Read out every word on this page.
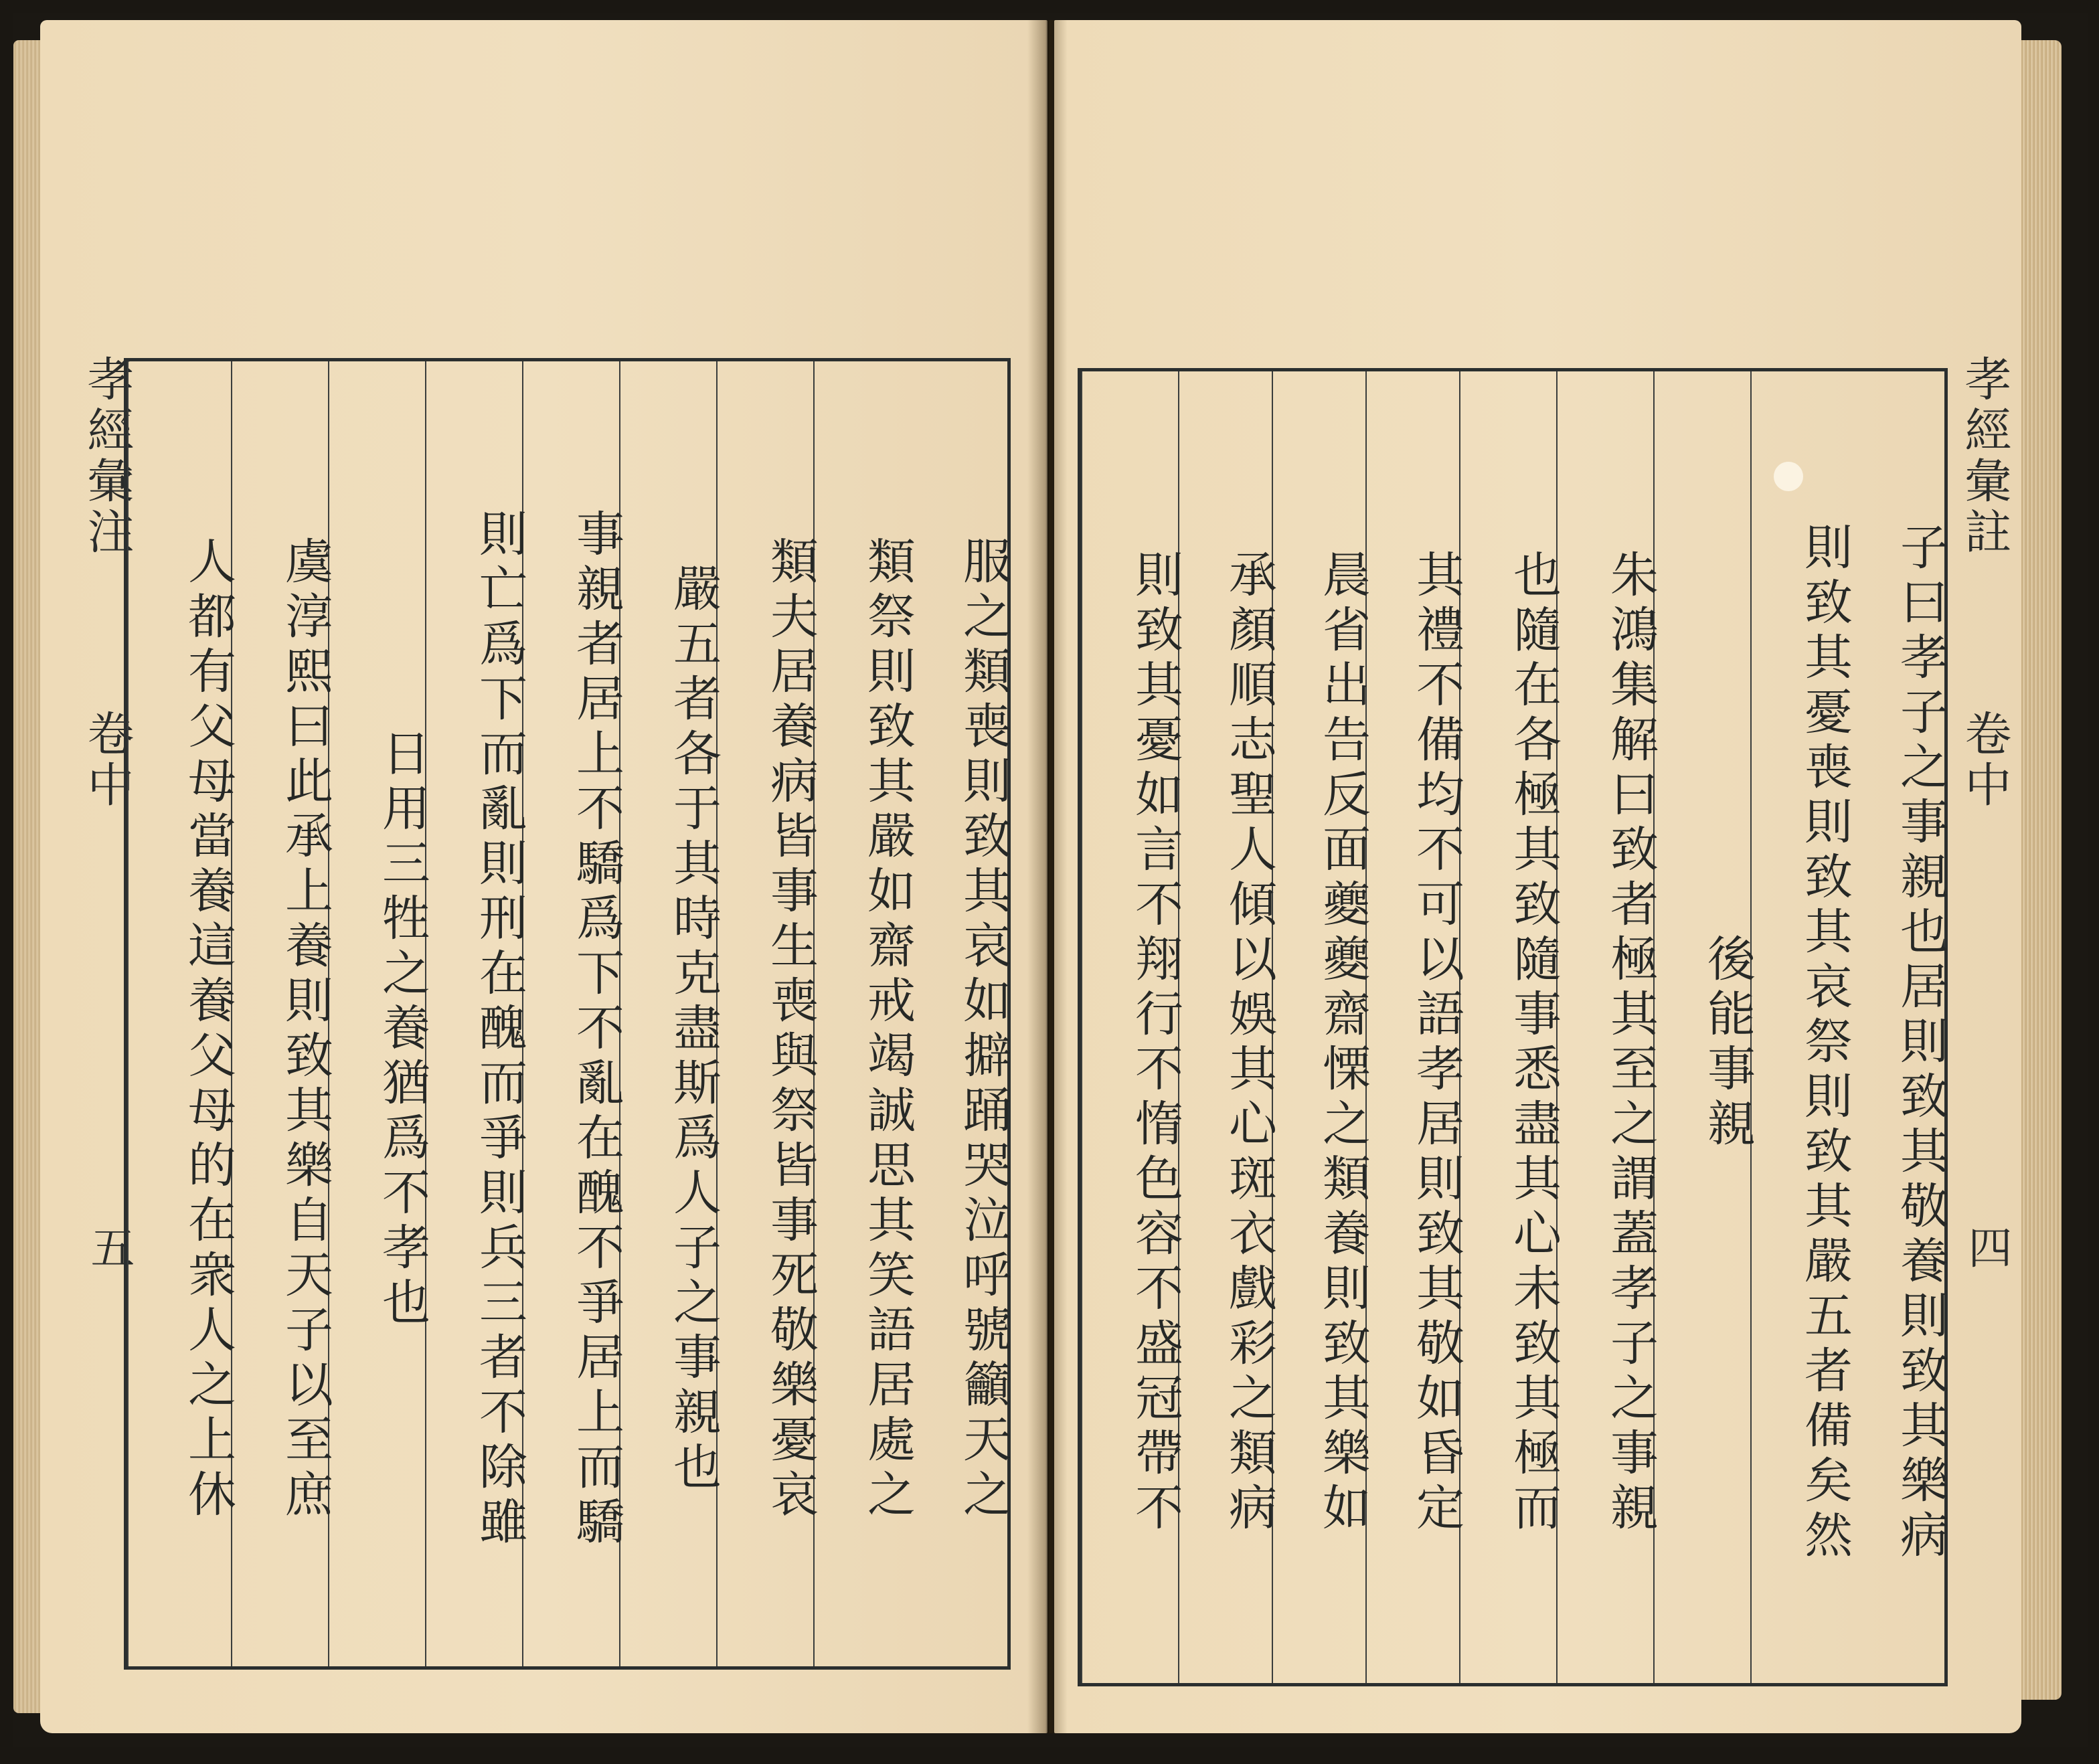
孝經彙注
卷中
五	服之類喪則致其哀如擗踊哭泣呼號籲天之
類祭則致其嚴如齋戒竭誠思其笑語居處之
類夫居養病皆事生喪與祭皆事死敬樂憂哀
嚴五者各于其時克盡斯爲人子之事親也
事親者居上不驕爲下不亂在醜不爭居上而驕
則亡爲下而亂則刑在醜而爭則兵三者不除雖
日用三牲之養猶爲不孝也
虞淳熙曰此承上養則致其樂自天子以至庶
人都有父母當養這養父母的在衆人之上休
孝經彙註
卷中
四
子曰孝子之事親也居則致其敬養則致其樂病
則致其憂喪則致其哀祭則致其嚴五者備矣然
後能事親
朱鴻集解曰致者極其至之謂蓋孝子之事親
也隨在各極其致隨事悉盡其心未致其極而
其禮不備均不可以語孝居則致其敬如昏定
晨省出告反面夔夔齋慄之類養則致其樂如
承顏順志聖人傾以娛其心斑衣戲彩之類病
則致其憂如言不翔行不惰色容不盛冠帶不
